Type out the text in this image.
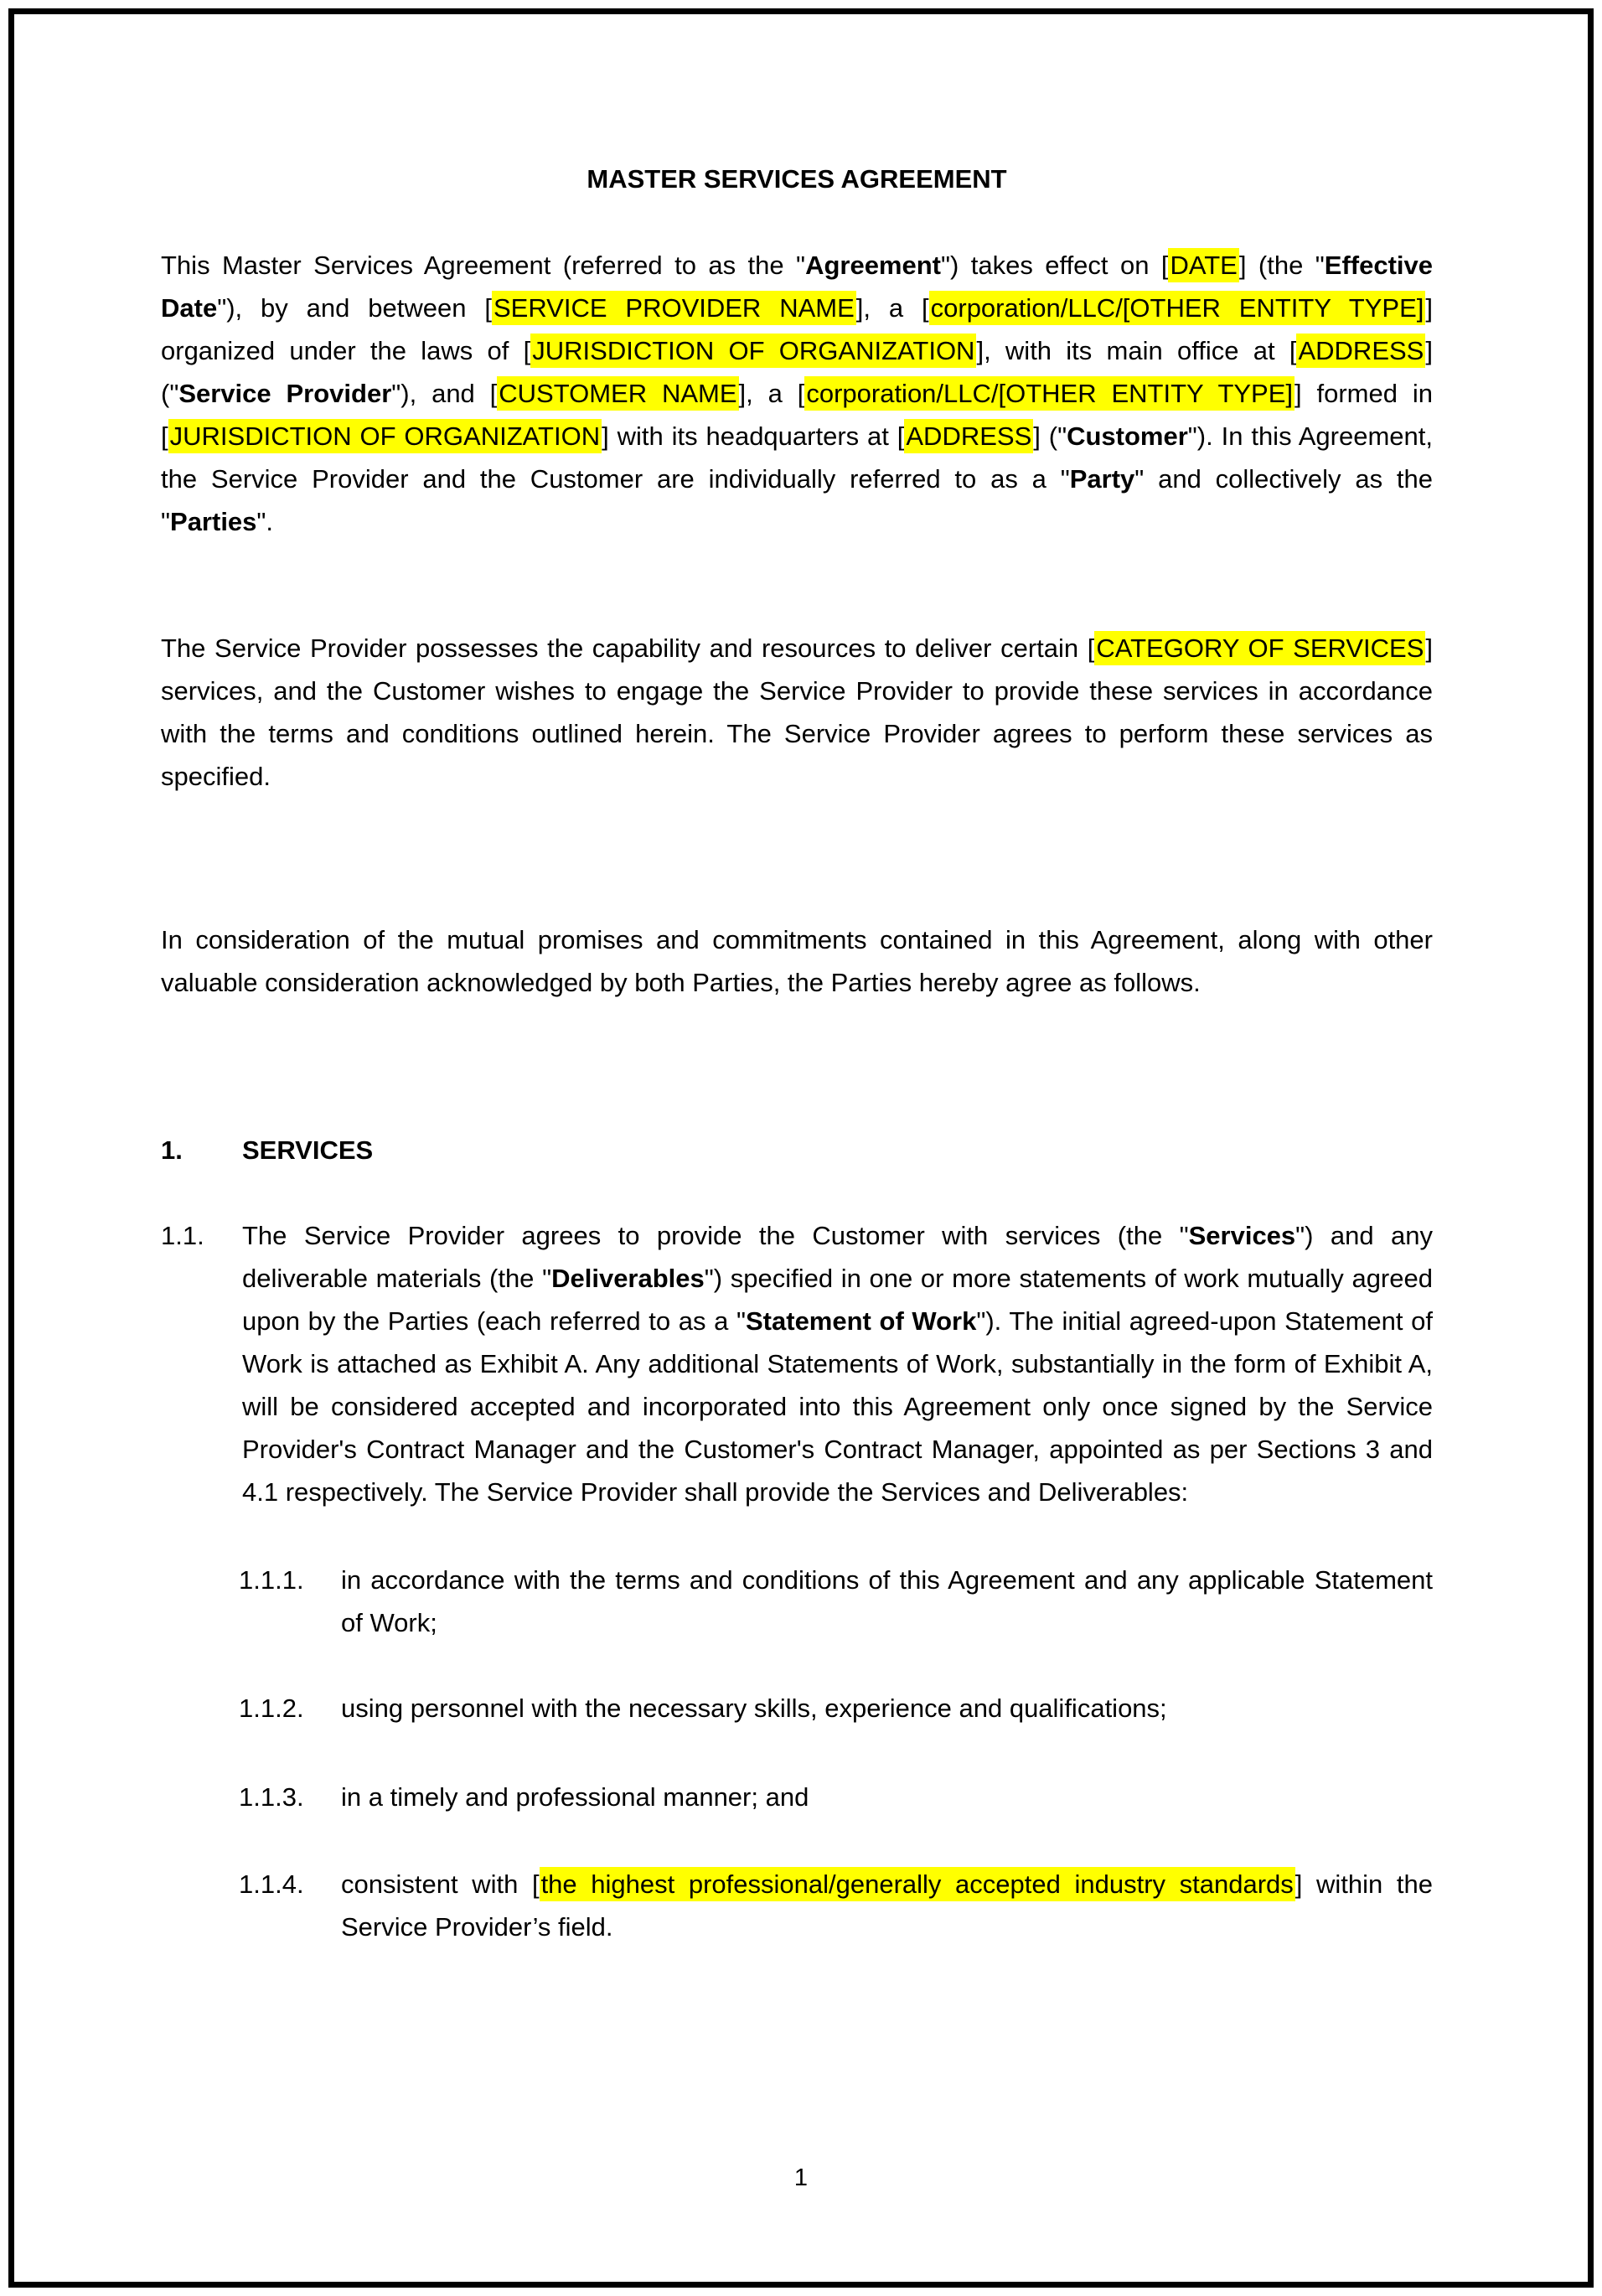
MASTER SERVICES AGREEMENT
This Master Services Agreement (referred to as the "Agreement") takes effect on [DATE] (the "Effective Date"), by and between [SERVICE PROVIDER NAME], a [corporation/LLC/[OTHER ENTITY TYPE]] organized under the laws of [JURISDICTION OF ORGANIZATION], with its main office at [ADDRESS] ("Service Provider"), and [CUSTOMER NAME], a [corporation/LLC/[OTHER ENTITY TYPE]] formed in [JURISDICTION OF ORGANIZATION] with its headquarters at [ADDRESS] ("Customer"). In this Agreement, the Service Provider and the Customer are individually referred to as a "Party" and collectively as the "Parties".
The Service Provider possesses the capability and resources to deliver certain [CATEGORY OF SERVICES] services, and the Customer wishes to engage the Service Provider to provide these services in accordance with the terms and conditions outlined herein. The Service Provider agrees to perform these services as specified.
In consideration of the mutual promises and commitments contained in this Agreement, along with other valuable consideration acknowledged by both Parties, the Parties hereby agree as follows.
1.	SERVICES
1.1.	The Service Provider agrees to provide the Customer with services (the "Services") and any deliverable materials (the "Deliverables") specified in one or more statements of work mutually agreed upon by the Parties (each referred to as a "Statement of Work"). The initial agreed-upon Statement of Work is attached as Exhibit A. Any additional Statements of Work, substantially in the form of Exhibit A, will be considered accepted and incorporated into this Agreement only once signed by the Service Provider's Contract Manager and the Customer's Contract Manager, appointed as per Sections 3 and 4.1 respectively. The Service Provider shall provide the Services and Deliverables:
1.1.1.	in accordance with the terms and conditions of this Agreement and any applicable Statement of Work;
1.1.2.	using personnel with the necessary skills, experience and qualifications;
1.1.3.	in a timely and professional manner; and
1.1.4.	consistent with [the highest professional/generally accepted industry standards] within the Service Provider’s field.
1
